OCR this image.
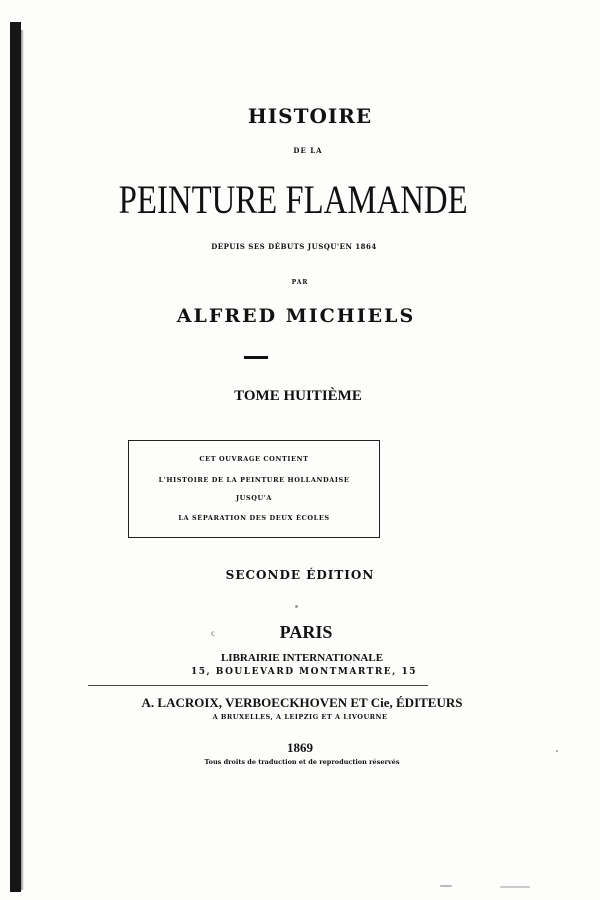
HISTOIRE
DE LA
PEINTURE FLAMANDE
DEPUIS SES DÉBUTS JUSQU'EN 1864
PAR
ALFRED MICHIELS
TOME HUITIÈME
CET OUVRAGE CONTIENT
L'HISTOIRE DE LA PEINTURE HOLLANDAISE
JUSQU'A
LA SÉPARATION DES DEUX ÉCOLES
SECONDE ÉDITION
PARIS
LIBRAIRIE INTERNATIONALE
15, BOULEVARD MONTMARTRE, 15
A. LACROIX, VERBOECKHOVEN ET Cie, ÉDITEURS
A BRUXELLES, A LEIPZIG ET A LIVOURNE
1869
Tous droits de traduction et de reproduction réservés
